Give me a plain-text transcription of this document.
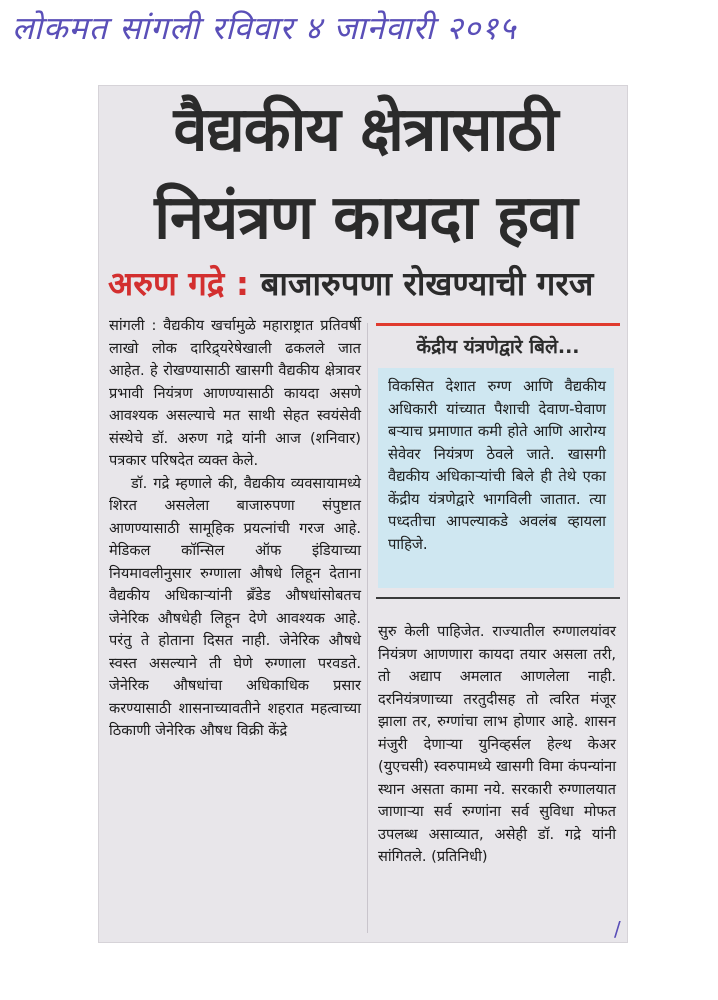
लोकमत सांगली रविवार ४ जानेवारी २०१५
वैद्यकीय क्षेत्रासाठी
नियंत्रण कायदा हवा
अरुण गद्रे : बाजारुपणा रोखण्याची गरज

सांगली : वैद्यकीय खर्चामुळे महाराष्ट्रात प्रतिवर्षी लाखो लोक दारिद्र्यरेषेखाली ढकलले जात आहेत. हे रोखण्यासाठी खासगी वैद्यकीय क्षेत्रावर प्रभावी नियंत्रण आणण्यासाठी कायदा असणे आवश्यक असल्याचे मत साथी सेहत स्वयंसेवी संस्थेचे डॉ. अरुण गद्रे यांनी आज (शनिवार) पत्रकार परिषदेत व्यक्त केले.

डॉ. गद्रे म्हणाले की, वैद्यकीय व्यवसायामध्ये शिरत असलेला बाजारुपणा संपुष्टात आणण्यासाठी सामूहिक प्रयत्नांची गरज आहे. मेडिकल कॉन्सिल ऑफ इंडियाच्या नियमावलीनुसार रुग्णाला औषधे लिहून देताना वैद्यकीय अधिकाऱ्यांनी ब्रँडेड औषधांसोबतच जेनेरिक औषधेही लिहून देणे आवश्यक आहे. परंतु ते होताना दिसत नाही. जेनेरिक औषधे स्वस्त असल्याने ती घेणे रुग्णाला परवडते. जेनेरिक औषधांचा अधिकाधिक प्रसार करण्यासाठी शासनाच्यावतीने शहरात महत्वाच्या ठिकाणी जेनेरिक औषध विक्री केंद्रे

केंद्रीय यंत्रणेद्वारे बिले...
विकसित देशात रुग्ण आणि वैद्यकीय अधिकारी यांच्यात पैशाची देवाण-घेवाण बऱ्याच प्रमाणात कमी होते आणि आरोग्य सेवेवर नियंत्रण ठेवले जाते. खासगी वैद्यकीय अधिकाऱ्यांची बिले ही तेथे एका केंद्रीय यंत्रणेद्वारे भागविली जातात. त्या पध्दतीचा आपल्याकडे अवलंब व्हायला पाहिजे.

सुरु केली पाहिजेत. राज्यातील रुग्णालयांवर नियंत्रण आणणारा कायदा तयार असला तरी, तो अद्याप अमलात आणलेला नाही. दरनियंत्रणाच्या तरतुदीसह तो त्वरित मंजूर झाला तर, रुग्णांचा लाभ होणार आहे. शासन मंजुरी देणाऱ्या युनिव्हर्सल हेल्थ केअर (युएचसी) स्वरुपामध्ये खासगी विमा कंपन्यांना स्थान असता कामा नये. सरकारी रुग्णालयात जाणाऱ्या सर्व रुग्णांना सर्व सुविधा मोफत उपलब्ध असाव्यात, असेही डॉ. गद्रे यांनी सांगितले. (प्रतिनिधी)

/
